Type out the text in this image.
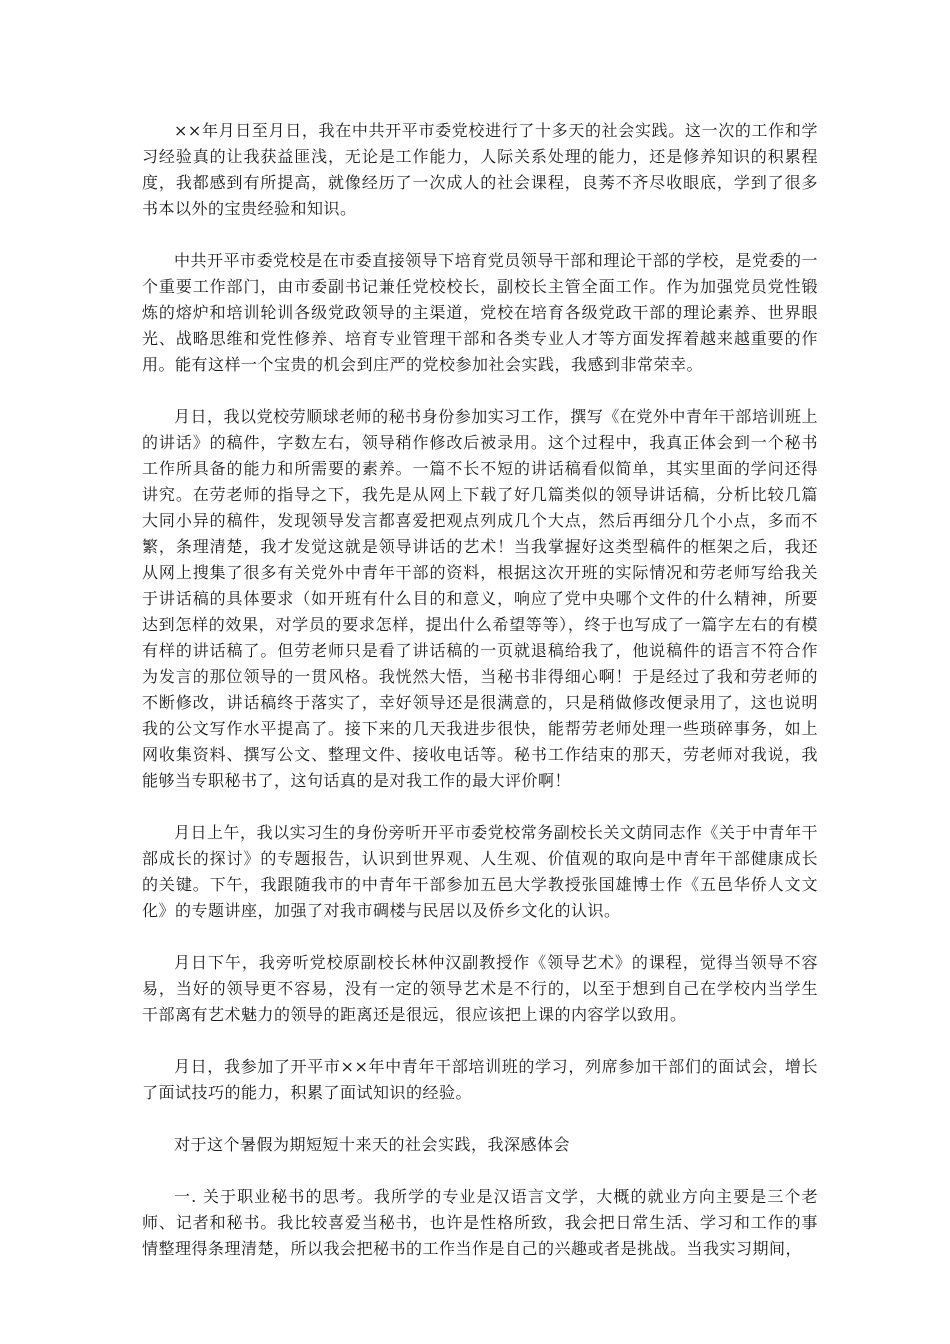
××年月日至月日，我在中共开平市委党校进行了十多天的社会实践。这一次的工作和学习经验真的让我获益匪浅，无论是工作能力，人际关系处理的能力，还是修养知识的积累程度，我都感到有所提高，就像经历了一次成人的社会课程，良莠不齐尽收眼底，学到了很多书本以外的宝贵经验和知识。

中共开平市委党校是在市委直接领导下培育党员领导干部和理论干部的学校，是党委的一个重要工作部门，由市委副书记兼任党校校长，副校长主管全面工作。作为加强党员党性锻炼的熔炉和培训轮训各级党政领导的主渠道，党校在培育各级党政干部的理论素养、世界眼光、战略思维和党性修养、培育专业管理干部和各类专业人才等方面发挥着越来越重要的作用。能有这样一个宝贵的机会到庄严的党校参加社会实践，我感到非常荣幸。

月日，我以党校劳顺球老师的秘书身份参加实习工作，撰写《在党外中青年干部培训班上的讲话》的稿件，字数左右，领导稍作修改后被录用。这个过程中，我真正体会到一个秘书工作所具备的能力和所需要的素养。一篇不长不短的讲话稿看似简单，其实里面的学问还得讲究。在劳老师的指导之下，我先是从网上下载了好几篇类似的领导讲话稿，分析比较几篇大同小异的稿件，发现领导发言都喜爱把观点列成几个大点，然后再细分几个小点，多而不繁，条理清楚，我才发觉这就是领导讲话的艺术！当我掌握好这类型稿件的框架之后，我还从网上搜集了很多有关党外中青年干部的资料，根据这次开班的实际情况和劳老师写给我关于讲话稿的具体要求（如开班有什么目的和意义，响应了党中央哪个文件的什么精神，所要达到怎样的效果，对学员的要求怎样，提出什么希望等等），终于也写成了一篇字左右的有模有样的讲话稿了。但劳老师只是看了讲话稿的一页就退稿给我了，他说稿件的语言不符合作为发言的那位领导的一贯风格。我恍然大悟，当秘书非得细心啊！于是经过了我和劳老师的不断修改，讲话稿终于落实了，幸好领导还是很满意的，只是稍做修改便录用了，这也说明我的公文写作水平提高了。接下来的几天我进步很快，能帮劳老师处理一些琐碎事务，如上网收集资料、撰写公文、整理文件、接收电话等。秘书工作结束的那天，劳老师对我说，我能够当专职秘书了，这句话真的是对我工作的最大评价啊！

月日上午，我以实习生的身份旁听开平市委党校常务副校长关文荫同志作《关于中青年干部成长的探讨》的专题报告，认识到世界观、人生观、价值观的取向是中青年干部健康成长的关键。下午，我跟随我市的中青年干部参加五邑大学教授张国雄博士作《五邑华侨人文文化》的专题讲座，加强了对我市碉楼与民居以及侨乡文化的认识。

月日下午，我旁听党校原副校长林仲汉副教授作《领导艺术》的课程，觉得当领导不容易，当好的领导更不容易，没有一定的领导艺术是不行的，以至于想到自己在学校内当学生干部离有艺术魅力的领导的距离还是很远，很应该把上课的内容学以致用。

月日，我参加了开平市××年中青年干部培训班的学习，列席参加干部们的面试会，增长了面试技巧的能力，积累了面试知识的经验。

对于这个暑假为期短短十来天的社会实践，我深感体会

一. 关于职业秘书的思考。我所学的专业是汉语言文学，大概的就业方向主要是三个老师、记者和秘书。我比较喜爱当秘书，也许是性格所致，我会把日常生活、学习和工作的事情整理得条理清楚，所以我会把秘书的工作当作是自己的兴趣或者是挑战。当我实习期间，
